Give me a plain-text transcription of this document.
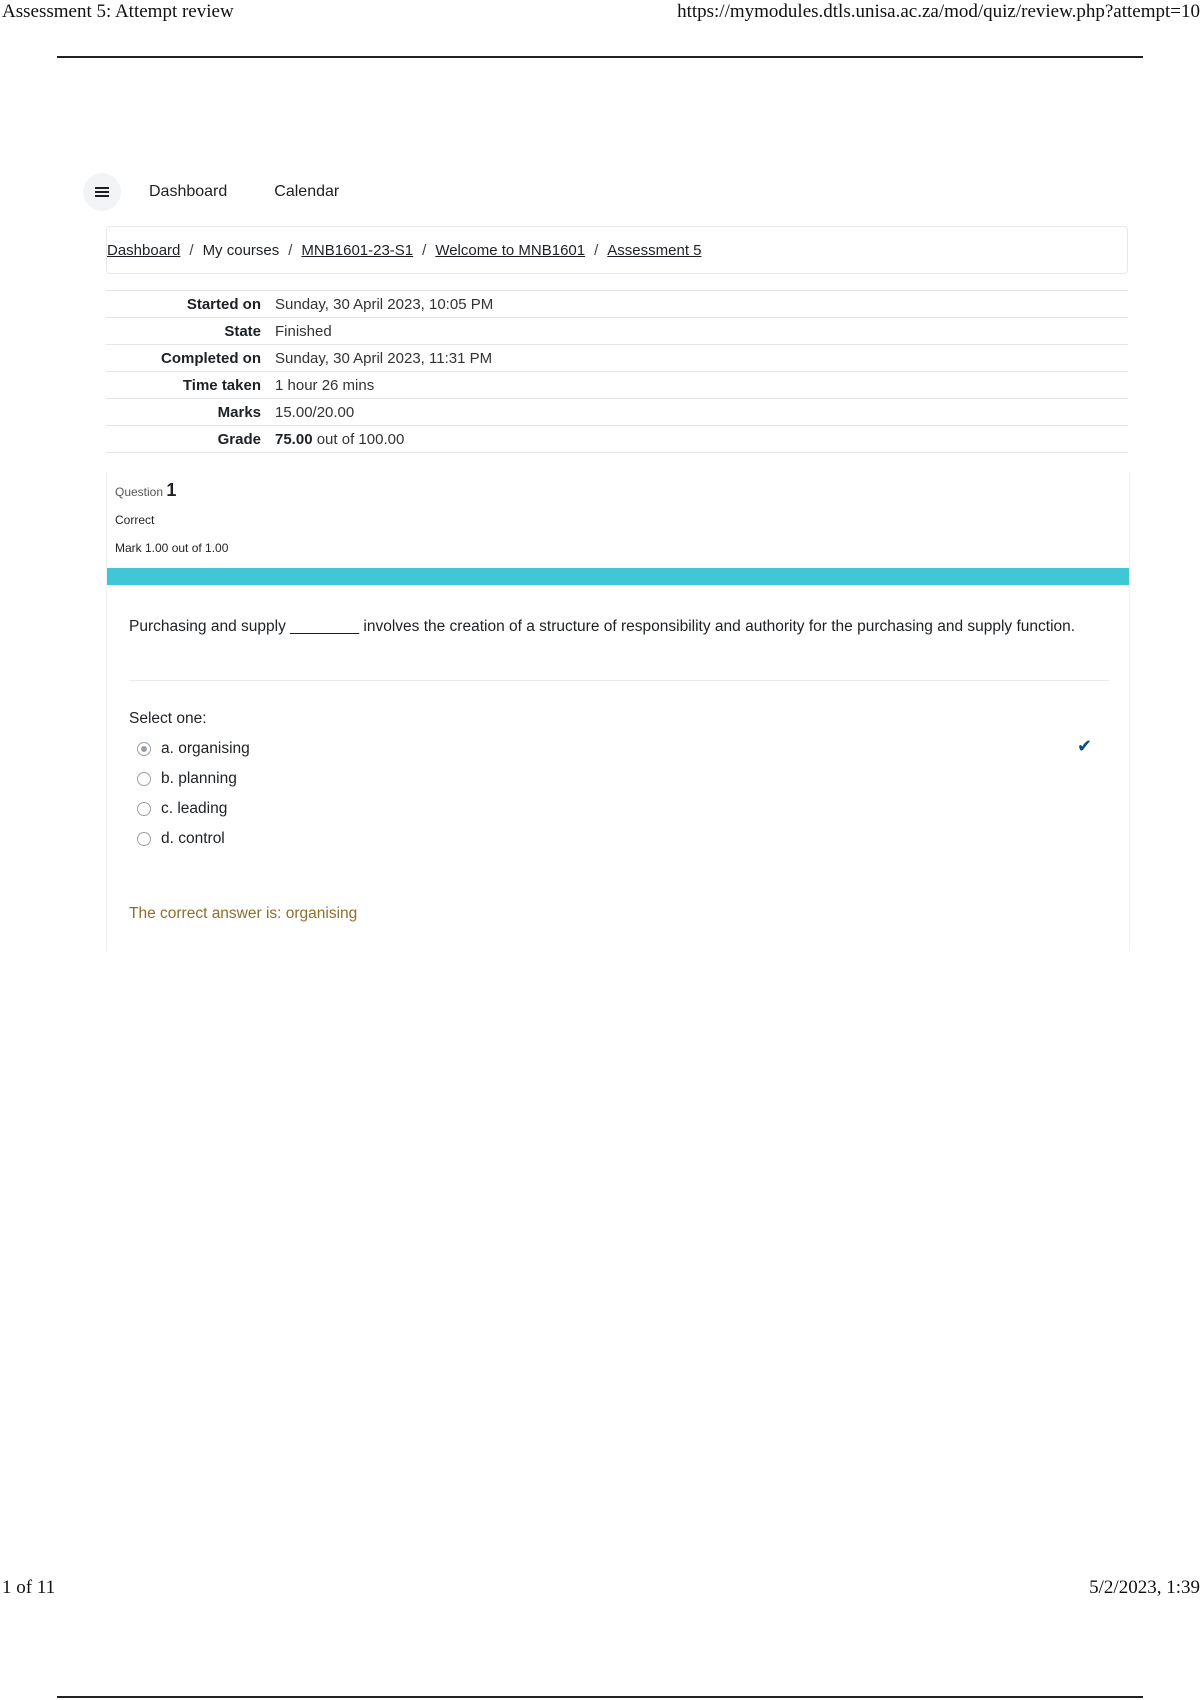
Assessment 5: Attempt review	https://mymodules.dtls.unisa.ac.za/mod/quiz/review.php?attempt=10
Dashboard	Calendar
Dashboard / My courses / MNB1601-23-S1 / Welcome to MNB1601 / Assessment 5
Started on	Sunday, 30 April 2023, 10:05 PM
State	Finished
Completed on	Sunday, 30 April 2023, 11:31 PM
Time taken	1 hour 26 mins
Marks	15.00/20.00
Grade	75.00 out of 100.00
Question 1
Correct
Mark 1.00 out of 1.00
Purchasing and supply ________ involves the creation of a structure of responsibility and authority for the purchasing and supply function.
Select one:
a. organising
b. planning
c. leading
d. control
✔
The correct answer is: organising
1 of 11	5/2/2023, 1:39
